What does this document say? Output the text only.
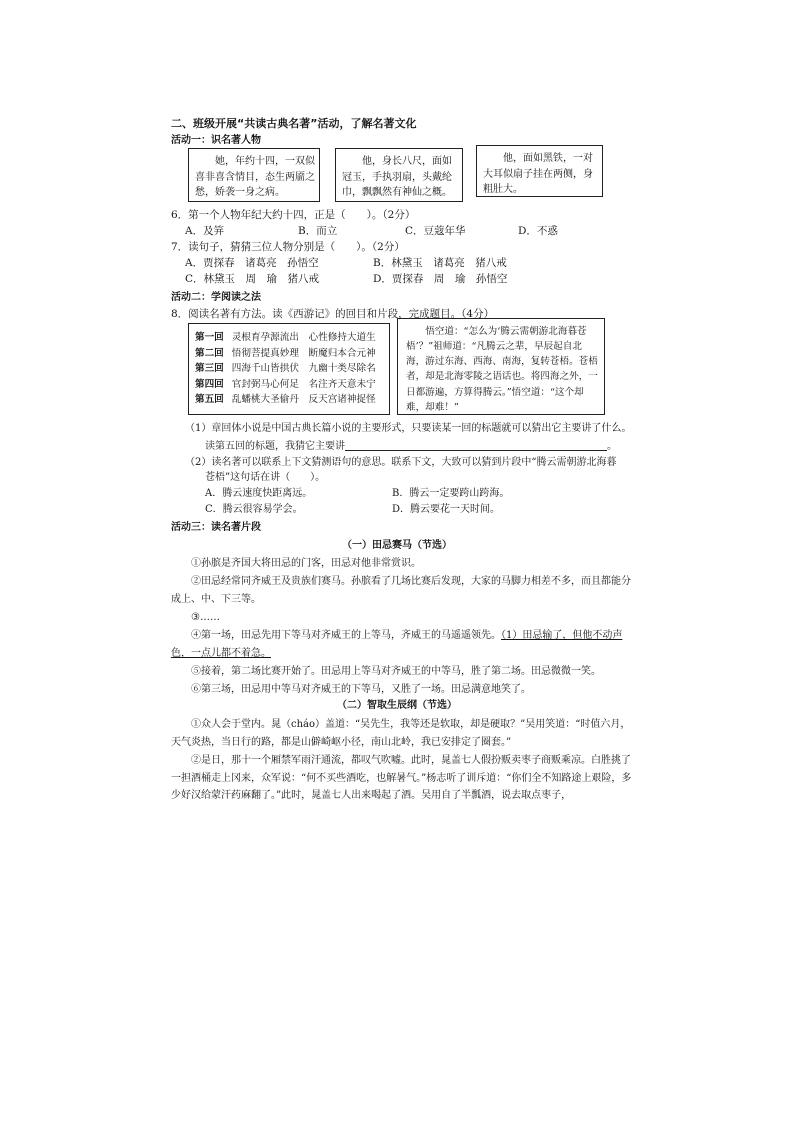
二、班级开展“共读古典名著”活动，了解名著文化
活动一：识名著人物
她，年约十四，一双似喜非喜含情目，态生两靥之愁，娇袭一身之病。
他，身长八尺，面如冠玉，手执羽扇，头戴纶巾，飘飘然有神仙之概。
他，面如黑铁，一对大耳似扇子挂在两侧，身粗肚大。
6．第一个人物年纪大约十四，正是（　　）。（2分）
A．及笄	B．而立	C．豆蔻年华	D．不惑
7．读句子，猜猜三位人物分别是（　　）。（2分）
A．贾探春　诸葛亮　孙悟空	B．林黛玉　诸葛亮　猪八戒
C．林黛玉　周　瑜　猪八戒	D．贾探春　周　瑜　孙悟空
活动二：学阅读之法
8．阅读名著有方法。读《西游记》的回目和片段，完成题目。（4分）
第一回 灵根育孕源流出　心性修持大道生
第二回 悟彻菩提真妙理　断魔归本合元神
第三回 四海千山皆拱伏　九幽十类尽除名
第四回 官封弼马心何足　名注齐天意未宁
第五回 乱蟠桃大圣偷丹　反天宫诸神捉怪
悟空道：“怎么为‘腾云需朝游北海暮苍梧’？”祖师道：“凡腾云之辈，早辰起自北海，游过东海、西海、南海，复转苍梧。苍梧者，却是北海零陵之语话也。将四海之外，一日都游遍，方算得腾云。”悟空道：“这个却难，却难！”
（1）章回体小说是中国古典长篇小说的主要形式，只要读某一回的标题就可以猜出它主要讲了什么。
读第五回的标题，我猜它主要讲	。
（2）读名著可以联系上下文猜测语句的意思。联系下文，大致可以猜到片段中“腾云需朝游北海暮
苍梧”这句话在讲（　　）。
A．腾云速度快距离远。	B．腾云一定要跨山跨海。
C．腾云很容易学会。	D．腾云要花一天时间。
活动三：读名著片段
（一）田忌赛马（节选）
①孙膑是齐国大将田忌的门客，田忌对他非常赏识。
②田忌经常同齐威王及贵族们赛马。孙膑看了几场比赛后发现，大家的马脚力相差不多，而且都能分成上、中、下三等。
③……
④第一场，田忌先用下等马对齐威王的上等马，齐威王的马遥遥领先。（1）田忌输了，但他不动声色，一点儿都不着急。
⑤接着，第二场比赛开始了。田忌用上等马对齐威王的中等马，胜了第二场。田忌微微一笑。
⑥第三场，田忌用中等马对齐威王的下等马，又胜了一场。田忌满意地笑了。
（二）智取生辰纲（节选）
①众人会于堂内。晁（cháo）盖道：“吴先生，我等还是软取，却是硬取？”吴用笑道：“时值六月，天气炎热，当日行的路，都是山僻崎岖小径，南山北岭，我已安排定了圈套。”
②是日，那十一个厢禁军雨汗通流，都叹气吹嘘。此时，晁盖七人假扮贩卖枣子商贩乘凉。白胜挑了一担酒桶走上冈来，众军说：“何不买些酒吃，也解暑气。”杨志听了训斥道：“你们全不知路途上艰险，多少好汉给蒙汗药麻翻了。”此时，晁盖七人出来喝起了酒。吴用自了半瓢酒，说去取点枣子，
